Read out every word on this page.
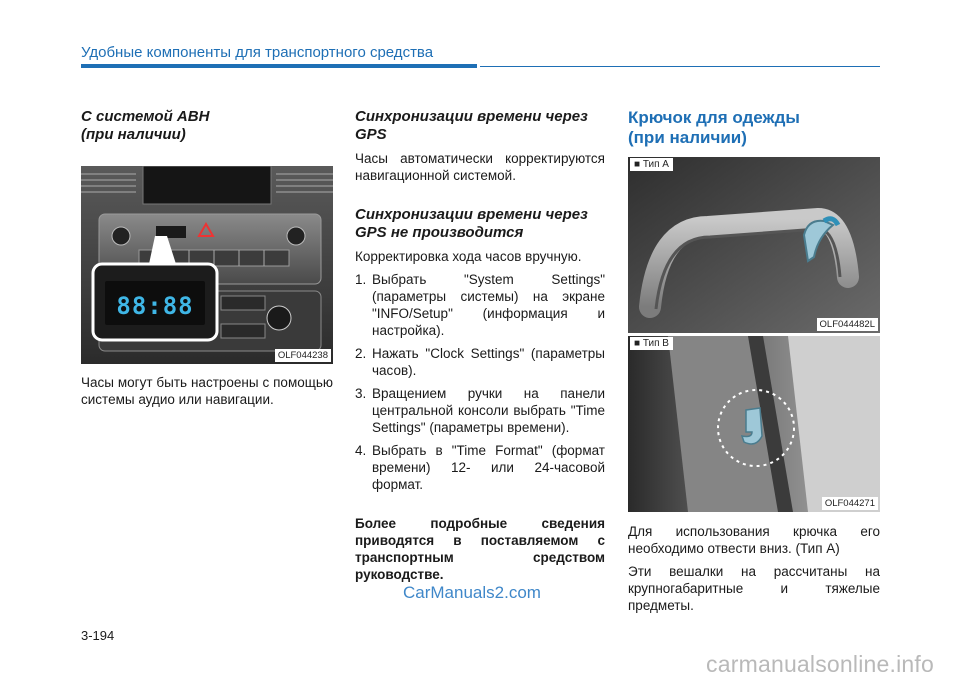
Удобные компоненты для транспортного средства
С системой AВН
(при наличии)
88:88
OLF044238

Часы могут быть настроены с помощью системы аудио или навигации.

Синхронизации времени через GPS

Часы автоматически корректируются навигационной системой.

Синхронизации времени через GPS не производится

Корректировка хода часов вручную.

1. Выбрать "System Settings" (параметры системы) на экране "INFO/Setup" (информация и настройка).
2. Нажать "Clock Settings" (параметры часов).
3. Вращением ручки на панели центральной консоли выбрать "Time Settings" (параметры времени).
4. Выбрать в "Time Format" (формат времени) 12- или 24-часовой формат.

Более подробные сведения приводятся в поставляемом с транспортным средством руководстве.

Крючок для одежды
(при наличии)
■ Тип A
OLF044482L
■ Тип B
OLF044271

Для использования крючка его необходимо отвести вниз. (Тип A)

Эти вешалки на рассчитаны на крупногабаритные и тяжелые предметы.

3-194
CarManuals2.com
carmanualsonline.info
